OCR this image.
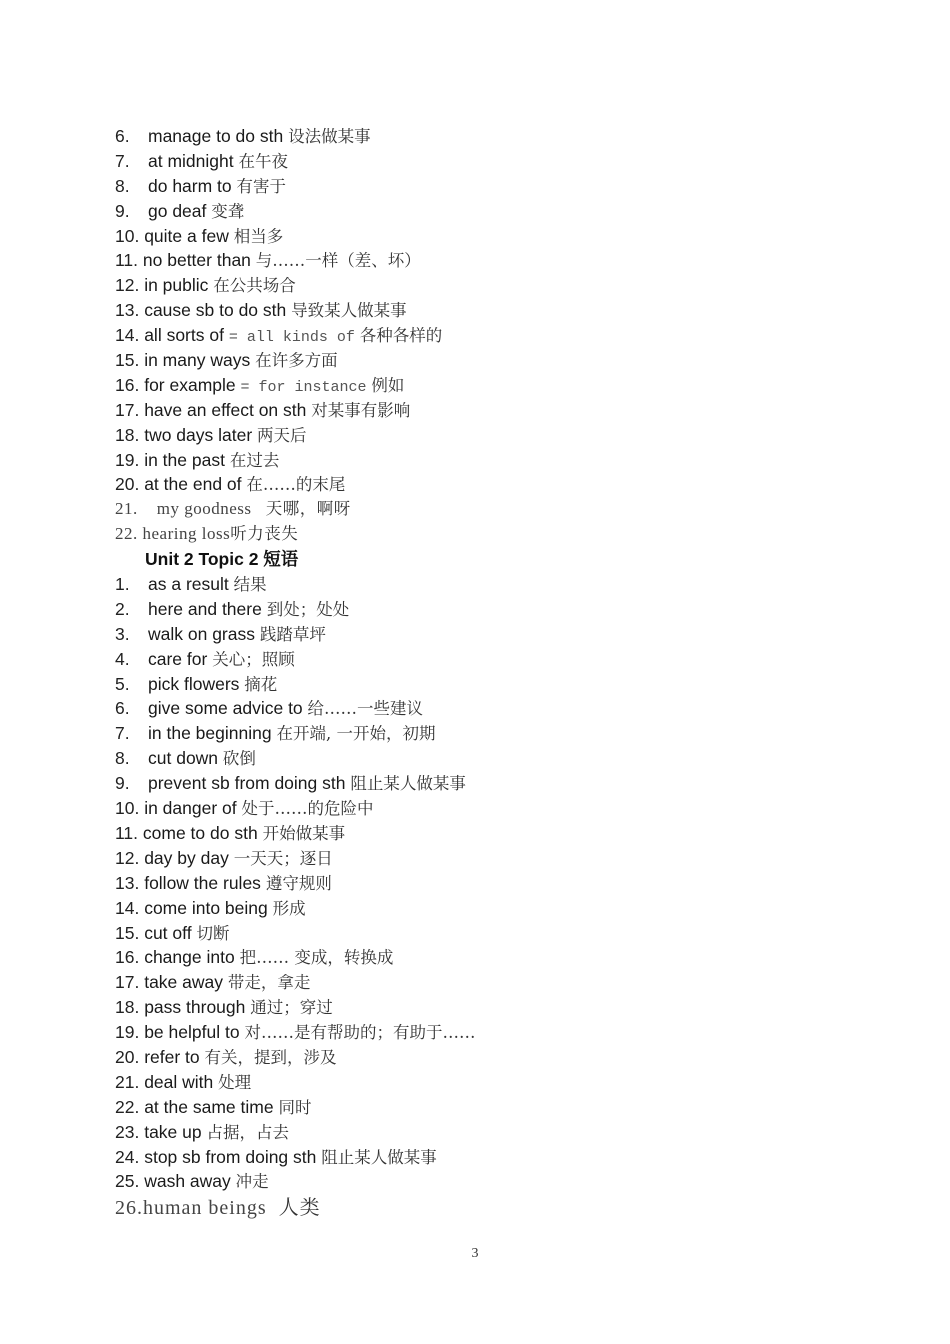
6. manage to do sth 设法做某事
7. at midnight 在午夜
8. do harm to 有害于
9. go deaf 变聋
10. quite a few 相当多
11. no better than 与……一样（差、坏）
12. in public 在公共场合
13. cause sb to do sth 导致某人做某事
14. all sorts of = all kinds of 各种各样的
15. in many ways 在许多方面
16. for example = for instance 例如
17. have an effect on sth 对某事有影响
18. two days later 两天后
19. in the past 在过去
20. at the end of 在……的末尾
21. my goodness 天哪，啊呀
22. hearing loss听力丧失
Unit 2 Topic 2 短语
1. as a result 结果
2. here and there 到处；处处
3. walk on grass 践踏草坪
4. care for 关心；照顾
5. pick flowers 摘花
6. give some advice to 给……一些建议
7. in the beginning 在开端, 一开始，初期
8. cut down 砍倒
9. prevent sb from doing sth 阻止某人做某事
10. in danger of 处于……的危险中
11. come to do sth 开始做某事
12. day by day 一天天；逐日
13. follow the rules 遵守规则
14. come into being 形成
15. cut off 切断
16. change into 把…… 变成，转换成
17. take away 带走，拿走
18. pass through 通过；穿过
19. be helpful to 对……是有帮助的；有助于……
20. refer to 有关，提到，涉及
21. deal with 处理
22. at the same time 同时
23. take up 占据，占去
24. stop sb from doing sth 阻止某人做某事
25. wash away 冲走
26.human beings 人类
3
